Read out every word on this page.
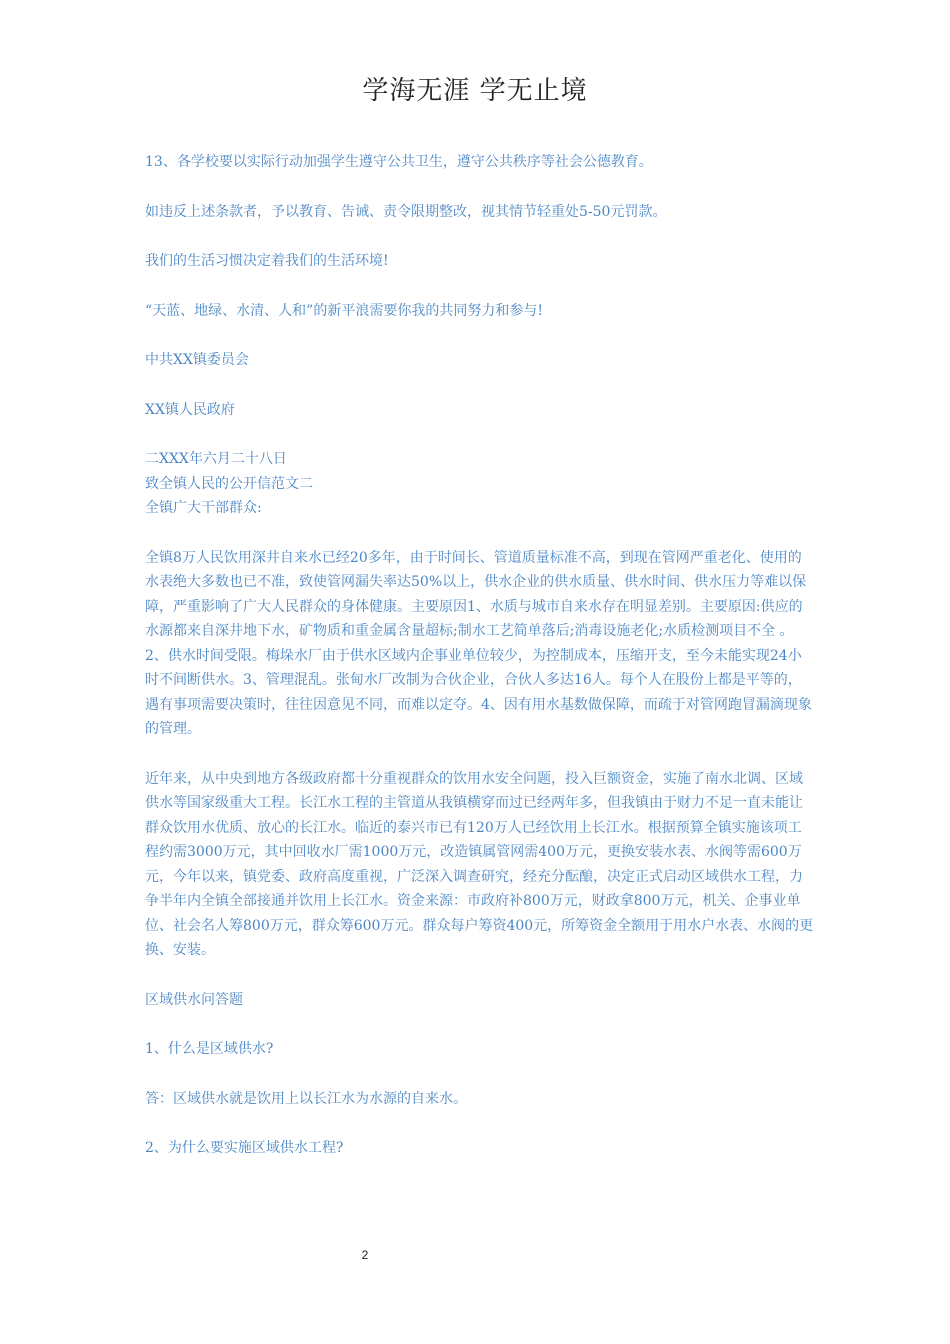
学海无涯 学无止境

13、各学校要以实际行动加强学生遵守公共卫生，遵守公共秩序等社会公德教育。

如违反上述条款者，予以教育、告诫、责令限期整改，视其情节轻重处5-50元罚款。

我们的生活习惯决定着我们的生活环境!

“天蓝、地绿、水清、人和”的新平浪需要你我的共同努力和参与!

中共XX镇委员会

XX镇人民政府

二XXX年六月二十八日

致全镇人民的公开信范文二

全镇广大干部群众:

全镇8万人民饮用深井自来水已经20多年，由于时间长、管道质量标准不高，到现在管网严重老化、使用的水表绝大多数也已不准，致使管网漏失率达50%以上，供水企业的供水质量、供水时间、供水压力等难以保障，严重影响了广大人民群众的身体健康。主要原因1、水质与城市自来水存在明显差别。主要原因:供应的水源都来自深井地下水，矿物质和重金属含量超标;制水工艺简单落后;消毒设施老化;水质检测项目不全 。2、供水时间受限。梅垛水厂由于供水区域内企事业单位较少，为控制成本，压缩开支，至今未能实现24小时不间断供水。3、管理混乱。张甸水厂改制为合伙企业，合伙人多达16人。每个人在股份上都是平等的，遇有事项需要决策时，往往因意见不同，而难以定夺。4、因有用水基数做保障，而疏于对管网跑冒漏滴现象的管理。

近年来，从中央到地方各级政府都十分重视群众的饮用水安全问题，投入巨额资金，实施了南水北调、区域供水等国家级重大工程。长江水工程的主管道从我镇横穿而过已经两年多，但我镇由于财力不足一直未能让群众饮用水优质、放心的长江水。临近的泰兴市已有120万人已经饮用上长江水。根据预算全镇实施该项工程约需3000万元，其中回收水厂需1000万元，改造镇属管网需400万元，更换安装水表、水阀等需600万元，今年以来，镇党委、政府高度重视，广泛深入调查研究，经充分酝酿，决定正式启动区域供水工程，力争半年内全镇全部接通并饮用上长江水。资金来源：市政府补800万元，财政拿800万元，机关、企事业单位、社会名人筹800万元，群众筹600万元。群众每户筹资400元，所筹资金全额用于用水户水表、水阀的更换、安装。

区域供水问答题

1、什么是区域供水?

答：区域供水就是饮用上以长江水为水源的自来水。

2、为什么要实施区域供水工程?

2
